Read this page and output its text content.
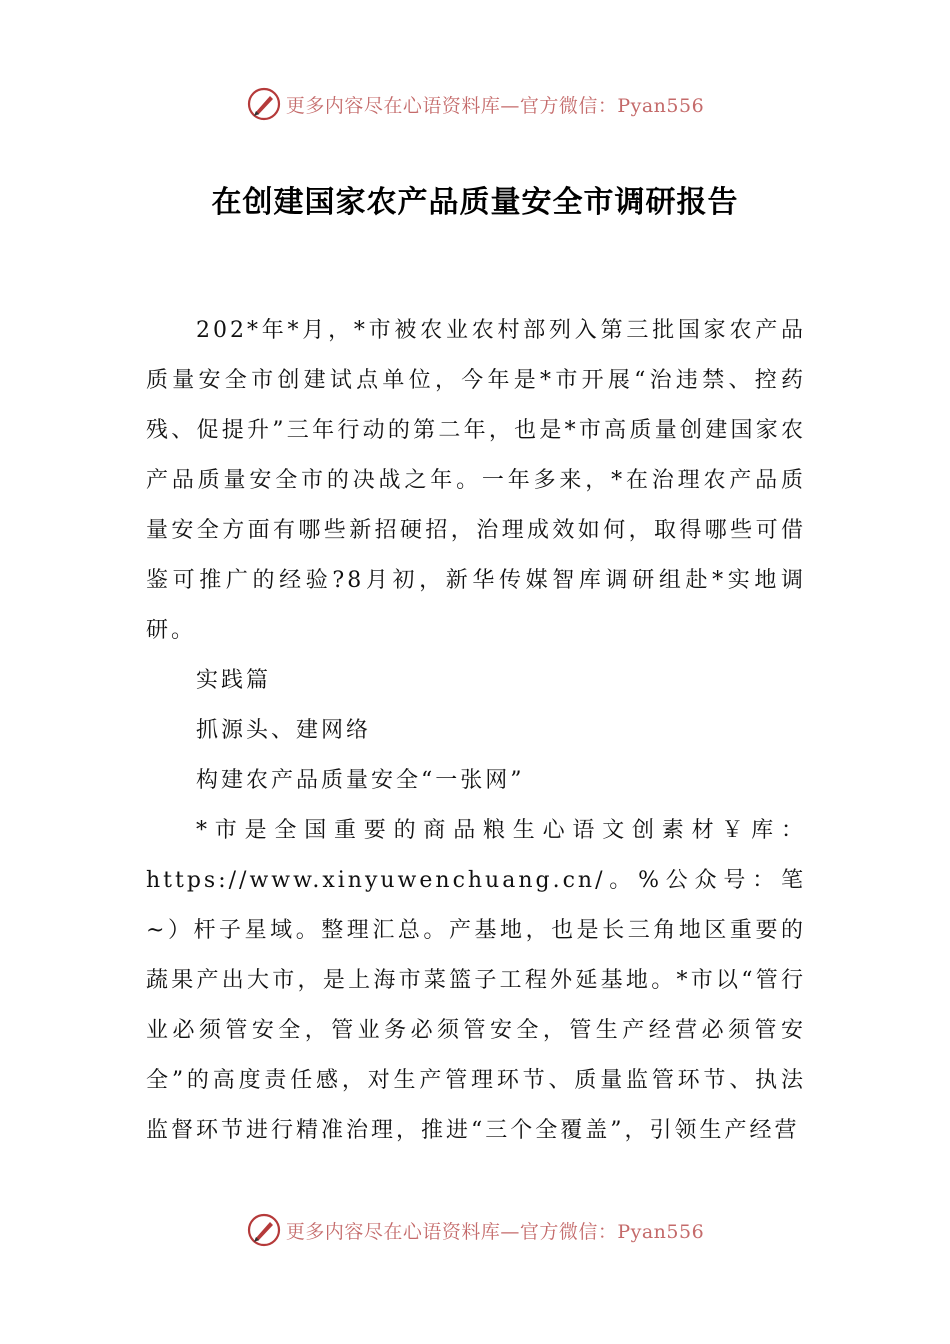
更多内容尽在心语资料库—官方微信：Pyan556
在创建国家农产品质量安全市调研报告

202*年*月，*市被农业农村部列入第三批国家农产品质量安全市创建试点单位，今年是*市开展“治违禁、控药残、促提升”三年行动的第二年，也是*市高质量创建国家农产品质量安全市的决战之年。一年多来，*在治理农产品质量安全方面有哪些新招硬招，治理成效如何，取得哪些可借鉴可推广的经验?8月初，新华传媒智库调研组赴*实地调研。

实践篇

抓源头、建网络

构建农产品质量安全“一张网”

*市是全国重要的商品粮生心语文创素材￥库：https://www.xinyuwenchuang.cn/。%公众号：笔~）杆子星域。整理汇总。产基地，也是长三角地区重要的蔬果产出大市，是上海市菜篮子工程外延基地。*市以“管行业必须管安全，管业务必须管安全，管生产经营必须管安全”的高度责任感，对生产管理环节、质量监管环节、执法监督环节进行精准治理，推进“三个全覆盖”，引领生产经营

更多内容尽在心语资料库—官方微信：Pyan556
